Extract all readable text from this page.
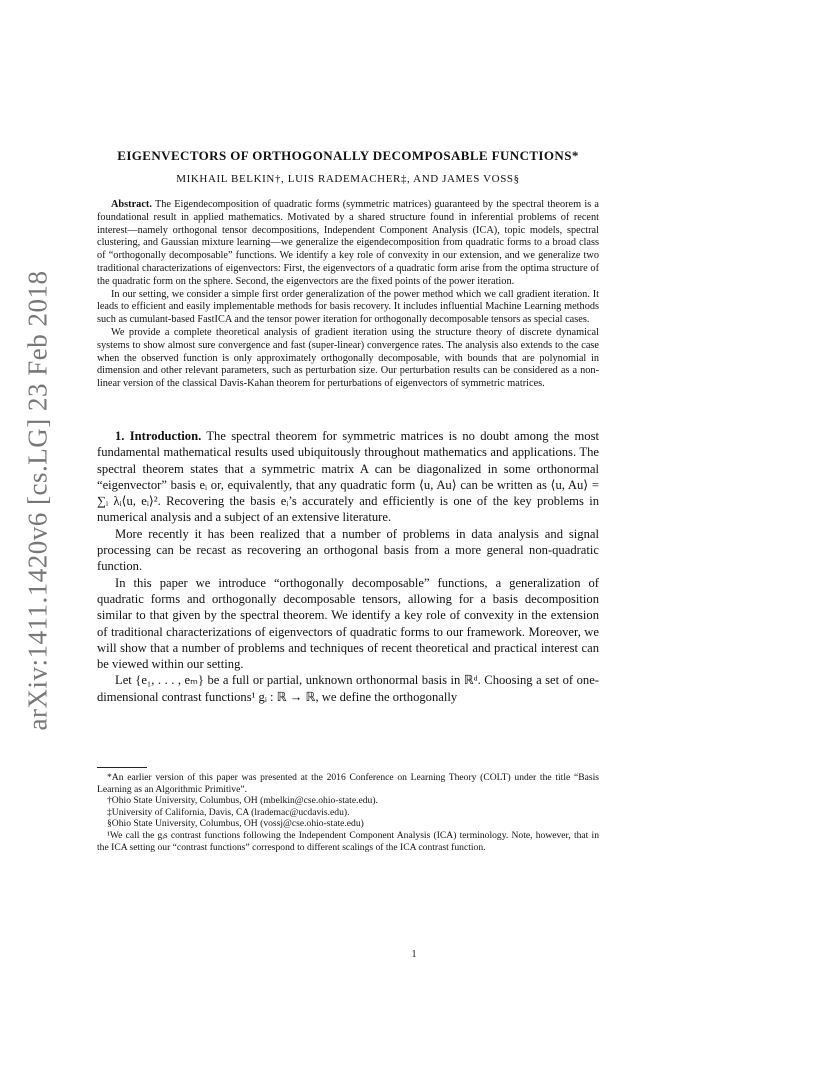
arXiv:1411.1420v6 [cs.LG] 23 Feb 2018
EIGENVECTORS OF ORTHOGONALLY DECOMPOSABLE FUNCTIONS*
MIKHAIL BELKIN†, LUIS RADEMACHER‡, AND JAMES VOSS§

Abstract. The Eigendecomposition of quadratic forms (symmetric matrices) guaranteed by the spectral theorem is a foundational result in applied mathematics. Motivated by a shared structure found in inferential problems of recent interest—namely orthogonal tensor decompositions, Independent Component Analysis (ICA), topic models, spectral clustering, and Gaussian mixture learning—we generalize the eigendecomposition from quadratic forms to a broad class of “orthogonally decomposable” functions. We identify a key role of convexity in our extension, and we generalize two traditional characterizations of eigenvectors: First, the eigenvectors of a quadratic form arise from the optima structure of the quadratic form on the sphere. Second, the eigenvectors are the fixed points of the power iteration.

In our setting, we consider a simple first order generalization of the power method which we call gradient iteration. It leads to efficient and easily implementable methods for basis recovery. It includes influential Machine Learning methods such as cumulant-based FastICA and the tensor power iteration for orthogonally decomposable tensors as special cases.

We provide a complete theoretical analysis of gradient iteration using the structure theory of discrete dynamical systems to show almost sure convergence and fast (super-linear) convergence rates. The analysis also extends to the case when the observed function is only approximately orthogonally decomposable, with bounds that are polynomial in dimension and other relevant parameters, such as perturbation size. Our perturbation results can be considered as a non-linear version of the classical Davis-Kahan theorem for perturbations of eigenvectors of symmetric matrices.

1. Introduction. The spectral theorem for symmetric matrices is no doubt among the most fundamental mathematical results used ubiquitously throughout mathematics and applications. The spectral theorem states that a symmetric matrix A can be diagonalized in some orthonormal “eigenvector” basis eᵢ or, equivalently, that any quadratic form ⟨u, Au⟩ can be written as ⟨u, Au⟩ = ∑ᵢ λᵢ⟨u, eᵢ⟩². Recovering the basis eᵢ’s accurately and efficiently is one of the key problems in numerical analysis and a subject of an extensive literature.

More recently it has been realized that a number of problems in data analysis and signal processing can be recast as recovering an orthogonal basis from a more general non-quadratic function.

In this paper we introduce “orthogonally decomposable” functions, a generalization of quadratic forms and orthogonally decomposable tensors, allowing for a basis decomposition similar to that given by the spectral theorem. We identify a key role of convexity in the extension of traditional characterizations of eigenvectors of quadratic forms to our framework. Moreover, we will show that a number of problems and techniques of recent theoretical and practical interest can be viewed within our setting.

Let {e₁, . . . , eₘ} be a full or partial, unknown orthonormal basis in ℝᵈ. Choosing a set of one-dimensional contrast functions¹ gᵢ : ℝ → ℝ, we define the orthogonally

*An earlier version of this paper was presented at the 2016 Conference on Learning Theory (COLT) under the title “Basis Learning as an Algorithmic Primitive”.

†Ohio State University, Columbus, OH (mbelkin@cse.ohio-state.edu).

‡University of California, Davis, CA (lrademac@ucdavis.edu).

§Ohio State University, Columbus, OH (vossj@cse.ohio-state.edu)

¹We call the gᵢs contrast functions following the Independent Component Analysis (ICA) terminology. Note, however, that in the ICA setting our “contrast functions” correspond to different scalings of the ICA contrast function.

1
